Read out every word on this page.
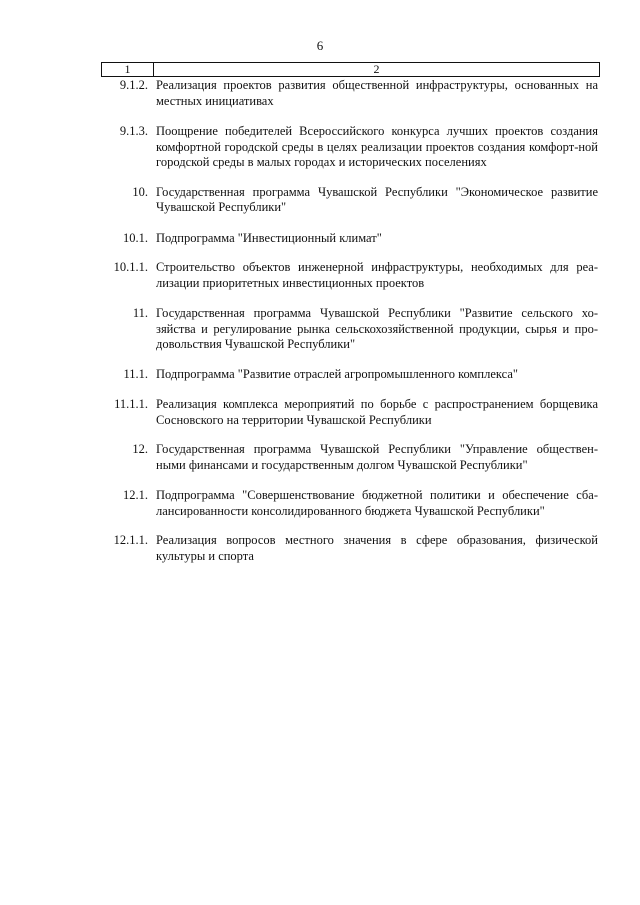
6
1	2
9.1.2. Реализация проектов развития общественной инфраструктуры, основанных на местных инициативах
9.1.3. Поощрение победителей Всероссийского конкурса лучших проектов создания комфортной городской среды в целях реализации проектов создания комфорт-ной городской среды в малых городах и исторических поселениях
10. Государственная программа Чувашской Республики "Экономическое развитие Чувашской Республики"
10.1. Подпрограмма "Инвестиционный климат"
10.1.1. Строительство объектов инженерной инфраструктуры, необходимых для реа-лизации приоритетных инвестиционных проектов
11. Государственная программа Чувашской Республики "Развитие сельского хо-зяйства и регулирование рынка сельскохозяйственной продукции, сырья и про-довольствия Чувашской Республики"
11.1. Подпрограмма "Развитие отраслей агропромышленного комплекса"
11.1.1. Реализация комплекса мероприятий по борьбе с распространением борщевика Сосновского на территории Чувашской Республики
12. Государственная программа Чувашской Республики "Управление обществен-ными финансами и государственным долгом Чувашской Республики"
12.1. Подпрограмма "Совершенствование бюджетной политики и обеспечение сба-лансированности консолидированного бюджета Чувашской Республики"
12.1.1. Реализация вопросов местного значения в сфере образования, физической культуры и спорта
